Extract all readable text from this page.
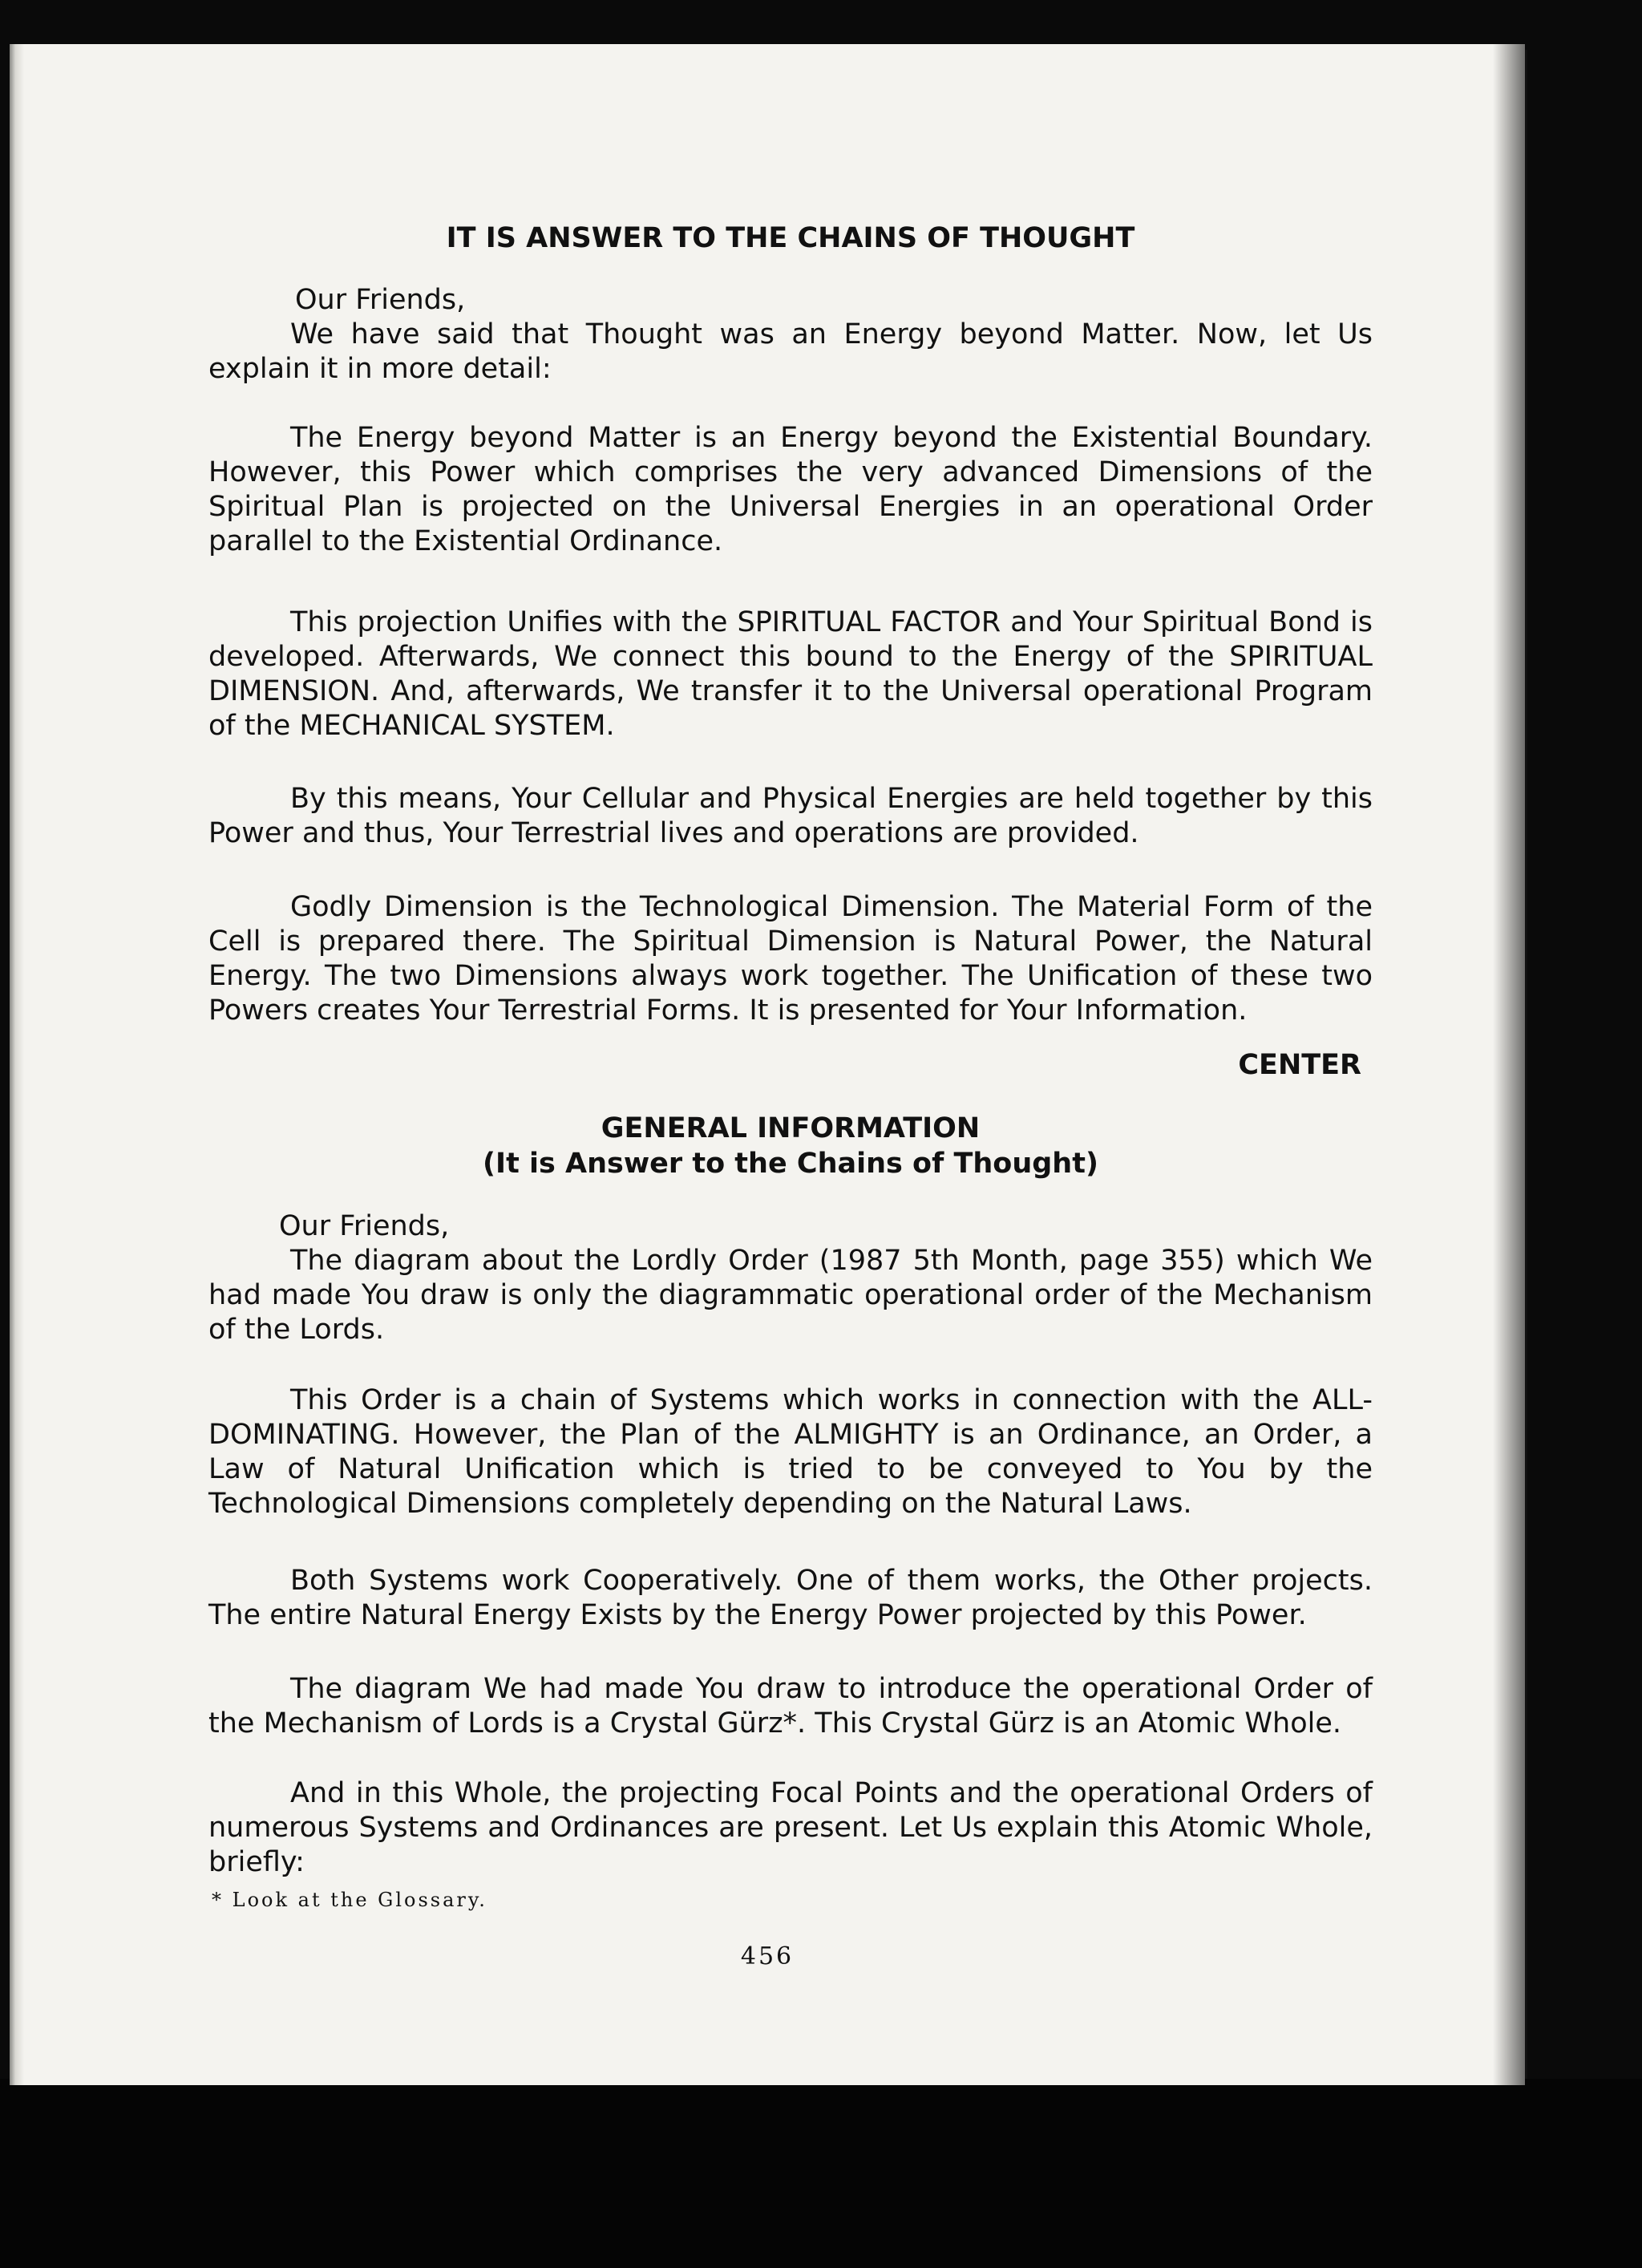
IT IS ANSWER TO THE CHAINS OF THOUGHT

Our Friends,

We have said that Thought was an Energy beyond Matter. Now, let Us explain it in more detail:

The Energy beyond Matter is an Energy beyond the Existential Boundary. However, this Power which comprises the very advanced Dimensions of the Spiritual Plan is projected on the Universal Energies in an operational Order parallel to the Existential Ordinance.

This projection Unifies with the SPIRITUAL FACTOR and Your Spiritual Bond is developed. Afterwards, We connect this bound to the Energy of the SPIRITUAL DIMENSION. And, afterwards, We transfer it to the Universal operational Program of the MECHANICAL SYSTEM.

By this means, Your Cellular and Physical Energies are held together by this Power and thus, Your Terrestrial lives and operations are provided.

Godly Dimension is the Technological Dimension. The Material Form of the Cell is prepared there. The Spiritual Dimension is Natural Power, the Natural Energy. The two Dimensions always work together. The Unification of these two Powers creates Your Terrestrial Forms. It is presented for Your Information.

CENTER

GENERAL INFORMATION
(It is Answer to the Chains of Thought)

Our Friends,

The diagram about the Lordly Order (1987 5th Month, page 355) which We had made You draw is only the diagrammatic operational order of the Mechanism of the Lords.

This Order is a chain of Systems which works in connection with the ALL-DOMINATING. However, the Plan of the ALMIGHTY is an Ordinance, an Order, a Law of Natural Unification which is tried to be conveyed to You by the Technological Dimensions completely depending on the Natural Laws.

Both Systems work Cooperatively. One of them works, the Other projects. The entire Natural Energy Exists by the Energy Power projected by this Power.

The diagram We had made You draw to introduce the operational Order of the Mechanism of Lords is a Crystal Gürz*. This Crystal Gürz is an Atomic Whole.

And in this Whole, the projecting Focal Points and the operational Orders of numerous Systems and Ordinances are present. Let Us explain this Atomic Whole, briefly:

* Look at the Glossary.

456
